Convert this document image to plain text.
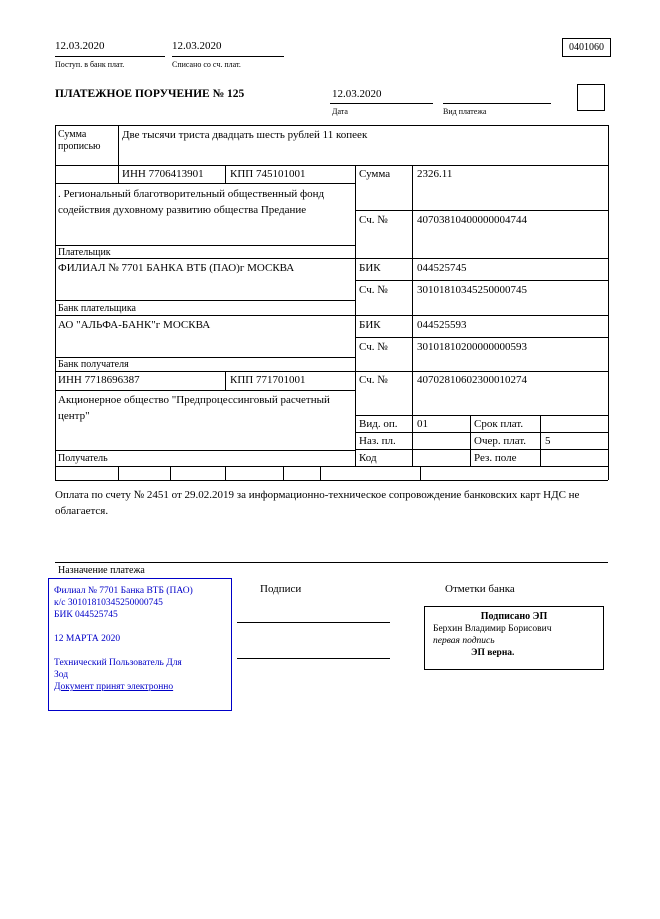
12.03.2020
Поступ. в банк плат.
12.03.2020
Списано со сч. плат.
0401060
ПЛАТЕЖНОЕ ПОРУЧЕНИЕ № 125	12.03.2020
Дата	Вид платежа
Сумма прописью
Две тысячи триста двадцать шесть рублей 11 копеек
ИНН 7706413901 КПП 745101001	Сумма 2326.11
. Региональный благотворительный общественный фонд содействия духовному развитию общества Предание
Сч. №	40703810400000004744
Плательщик
ФИЛИАЛ № 7701 БАНКА ВТБ (ПАО)г МОСКВА	БИК	044525745
Сч. №	30101810345250000745
Банк плательщика
АО "АЛЬФА-БАНК"г МОСКВА	БИК	044525593
Сч. №	30101810200000000593
Банк получателя
ИНН 7718696387	КПП 771701001	Сч. №	40702810602300010274
Акционерное общество "Предпроцессинговый расчетный центр"
Вид. оп. 01	Срок плат.
Наз. пл.	Очер. плат. 5
Получатель	Код	Рез. поле
Оплата по счету № 2451 от 29.02.2019 за информационно-техническое сопровождение банковских карт НДС не облагается.
Назначение платежа
Филиал № 7701 Банка ВТБ (ПАО)
к/с 30101810345250000745
БИК 044525745
12 МАРТА 2020
Технический Пользователь Для
Зод
Документ принят электронно
Подписи	Отметки банка
Подписано ЭП
Берхин Владимир Борисович
первая подпись
ЭП верна.
